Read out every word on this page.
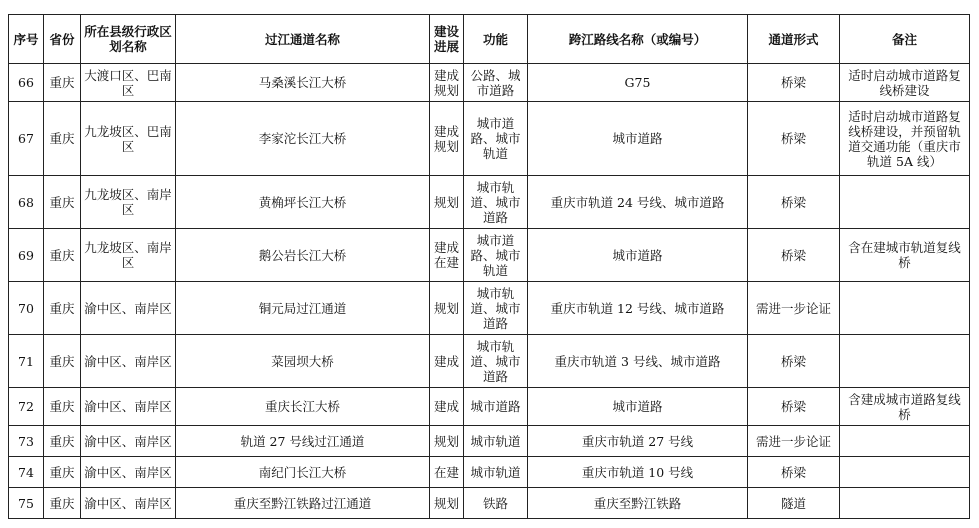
序号	省份	所在县级行政区划名称	过江通道名称	建设进展	功能	跨江路线名称（或编号）	通道形式	备注
66	重庆	大渡口区、巴南区	马桑溪长江大桥	建成规划	公路、城市道路	G75	桥梁	适时启动城市道路复线桥建设
67	重庆	九龙坡区、巴南区	李家沱长江大桥	建成规划	城市道路、城市轨道	城市道路	桥梁	适时启动城市道路复线桥建设，并预留轨道交通功能（重庆市轨道 5A 线）
68	重庆	九龙坡区、南岸区	黄桷坪长江大桥	规划	城市轨道、城市道路	重庆市轨道 24 号线、城市道路	桥梁	
69	重庆	九龙坡区、南岸区	鹅公岩长江大桥	建成在建	城市道路、城市轨道	城市道路	桥梁	含在建城市轨道复线桥
70	重庆	渝中区、南岸区	铜元局过江通道	规划	城市轨道、城市道路	重庆市轨道 12 号线、城市道路	需进一步论证	
71	重庆	渝中区、南岸区	菜园坝大桥	建成	城市轨道、城市道路	重庆市轨道 3 号线、城市道路	桥梁	
72	重庆	渝中区、南岸区	重庆长江大桥	建成	城市道路	城市道路	桥梁	含建成城市道路复线桥
73	重庆	渝中区、南岸区	轨道 27 号线过江通道	规划	城市轨道	重庆市轨道 27 号线	需进一步论证	
74	重庆	渝中区、南岸区	南纪门长江大桥	在建	城市轨道	重庆市轨道 10 号线	桥梁	
75	重庆	渝中区、南岸区	重庆至黔江铁路过江通道	规划	铁路	重庆至黔江铁路	隧道	
